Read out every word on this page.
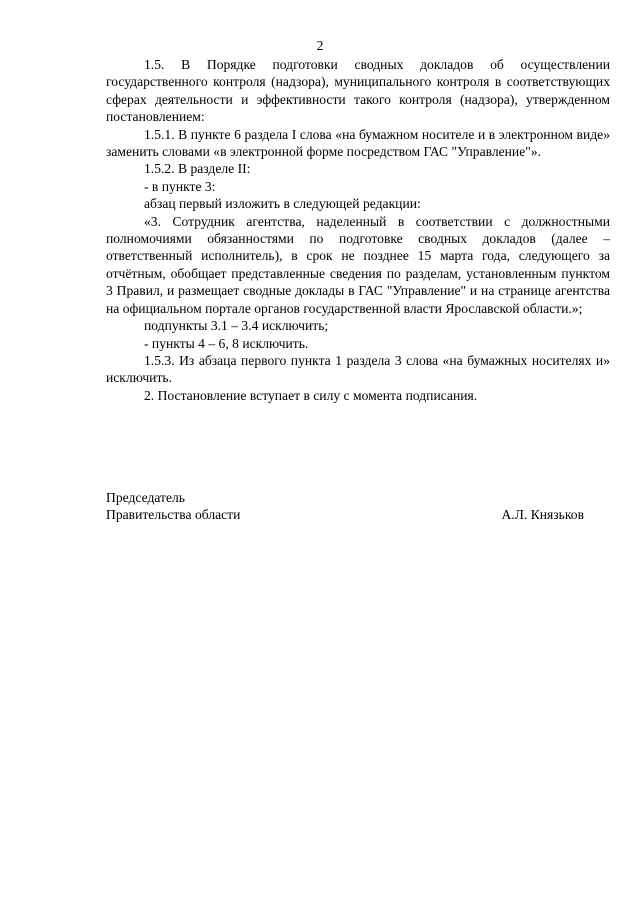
2

1.5. В Порядке подготовки сводных докладов об осуществлении государственного контроля (надзора), муниципального контроля в соответствующих сферах деятельности и эффективности такого контроля (надзора), утвержденном постановлением:

1.5.1. В пункте 6 раздела I слова «на бумажном носителе и в электронном виде» заменить словами «в электронной форме посредством ГАС "Управление"».

1.5.2. В разделе II:

- в пункте 3:

абзац первый изложить в следующей редакции:

«3. Сотрудник агентства, наделенный в соответствии с должностными полномочиями обязанностями по подготовке сводных докладов (далее – ответственный исполнитель), в срок не позднее 15 марта года, следующего за отчётным, обобщает представленные сведения по разделам, установленным пунктом 3 Правил, и размещает сводные доклады в ГАС "Управление" и на странице агентства на официальном портале органов государственной власти Ярославской области.»;

подпункты 3.1 – 3.4 исключить;

- пункты 4 – 6, 8 исключить.

1.5.3. Из абзаца первого пункта 1 раздела 3 слова «на бумажных носителях и» исключить.

2. Постановление вступает в силу с момента подписания.

Председатель
Правительства области	А.Л. Князьков
